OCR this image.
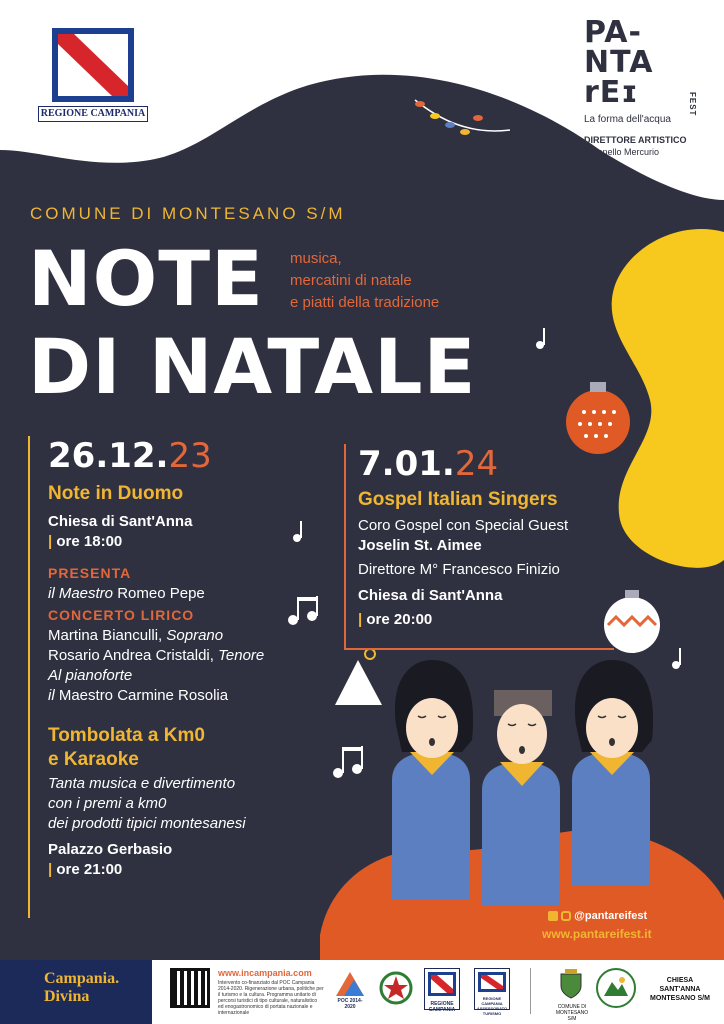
REGIONE CAMPANIA
PA-
NTA
rEɪ	FEST
La forma dell'acqua
DIRETTORE ARTISTICO
Antonello Mercurio
COMUNE DI MONTESANO S/M
NOTE
DI NATALE
musica,
mercatini di natale
e piatti della tradizione
26.12.23
Note in Duomo
Chiesa di Sant'Anna
| ore 18:00
PRESENTA
il Maestro Romeo Pepe
CONCERTO LIRICO
Martina Bianculli, Soprano
Rosario Andrea Cristaldi, Tenore
Al pianoforte
il Maestro Carmine Rosolia
Tombolata a Km0
e Karaoke
Tanta musica e divertimento
con i premi a km0
dei prodotti tipici montesanesi
Palazzo Gerbasio
| ore 21:00
7.01.24
Gospel Italian Singers
Coro Gospel con Special Guest
Joselin St. Aimee
Direttore M° Francesco Finizio
Chiesa di Sant'Anna
| ore 20:00
@pantareifest
www.pantareifest.it
Campania.
Divina
www.incampania.com
Intervento co-finanziato dal POC Campania 2014-2020. Rigenerazione urbana, politiche per il turismo e la cultura. Programma unitario di percorsi turistici di tipo culturale, naturalistico ed enogastronomico di portata nazionale e internazionale
POC 2014-2020	REGIONE CAMPANIA
REGIONE CAMPANIA ASSESSORATO TURISMO
COMUNE DI MONTESANO S/M
CHIESA
SANT'ANNA
MONTESANO S/M
